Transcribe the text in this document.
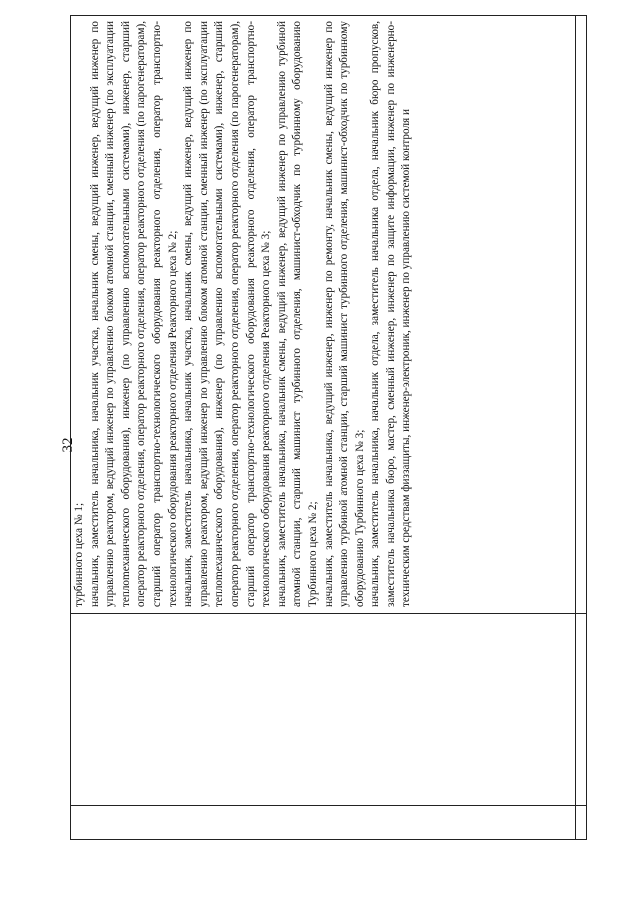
32

турбинного цеха № 1;
начальник, заместитель начальника, начальник участка, начальник смены, ведущий инженер, ведущий инженер по управлению реактором, ведущий инженер по управлению блоком атомной станции, сменный инженер (по эксплуатации теплomеханического оборудования), инженер (по управлению вспомогательными системами), инженер, старший оператор реакторного отделения, оператор реакторного отделения, оператор реакторного отделения (по парогенераторам), старший оператор транспортно-технологического оборудования реакторного отделения, оператор транспортно-технологического оборудования реакторного отделения Реакторного цеха № 2;
начальник, заместитель начальника, начальник участка, начальник смены, ведущий инженер, ведущий инженер по управлению реактором, ведущий инженер по управлению блоком атомной станции, сменный инженер (по эксплуатации теплomеханического оборудования), инженер (по управлению вспомогательными системами), инженер, старший оператор реакторного отделения, оператор реакторного отделения, оператор реакторного отделения (по парогенераторам), старший оператор транспортно-технологического оборудования реакторного отделения, оператор транспортно-технологического оборудования реакторного отделения Реакторного цеха № 3;
начальник, заместитель начальника, начальник смены, ведущий инженер, ведущий инженер по управлению турбиной атомной станции, старший машинист турбинного отделения, машинист-обходчик по турбинному оборудованию Турбинного цеха № 2;
начальник, заместитель начальника, ведущий инженер, инженер по ремонту, начальник смены, ведущий инженер по управлению турбиной атомной станции, старший машинист турбинного отделения, машинист-обходчик по турбинному оборудованию Турбинного цеха № 3;
начальник, заместитель начальника, начальник отдела, заместитель начальника отдела, начальник бюро пропусков, заместитель начальника бюро, мастер, сменный инженер, инженер по защите информации, инженер по инженерно-техническим средствам физзащиты, инженер-электроник, инженер по управлению системой контроля и
